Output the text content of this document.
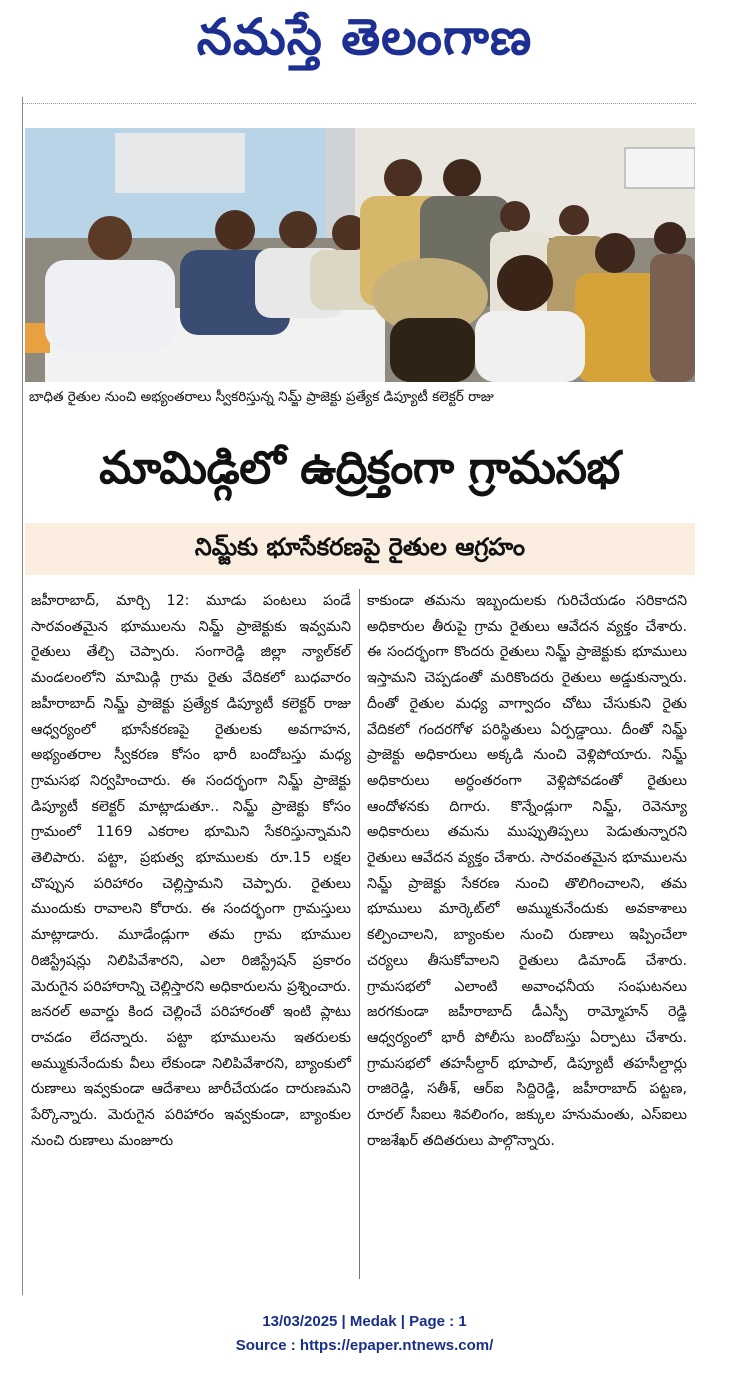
నమస్తే తెలంగాణ
బాధిత రైతుల నుంచి అభ్యంతరాలు స్వీకరిస్తున్న నిమ్జ్ ప్రాజెక్టు ప్రత్యేక డిప్యూటీ కలెక్టర్ రాజు
మామిడ్గిలో ఉద్రిక్తంగా గ్రామసభ
నిమ్జ్‌కు భూసేకరణపై రైతుల ఆగ్రహం

జహీరాబాద్, మార్చి 12: మూడు పంటలు పండే సారవంతమైన భూములను నిమ్జ్ ప్రాజెక్టుకు ఇవ్వమని రైతులు తేల్చి చెప్పారు. సంగారెడ్డి జిల్లా న్యాల్‌కల్ మండలంలోని మామిడ్గి గ్రామ రైతు వేదికలో బుధవారం జహీరాబాద్ నిమ్జ్ ప్రాజెక్టు ప్రత్యేక డిప్యూటీ కలెక్టర్ రాజు ఆధ్వర్యంలో భూసేకరణపై రైతులకు అవగాహన, అభ్యంతరాల స్వీకరణ కోసం భారీ బందోబస్తు మధ్య గ్రామసభ నిర్వహించారు. ఈ సందర్భంగా నిమ్జ్ ప్రాజెక్టు డిప్యూటీ కలెక్టర్ మాట్లాడుతూ.. నిమ్జ్ ప్రాజెక్టు కోసం గ్రామంలో 1169 ఎకరాల భూమిని సేకరిస్తున్నామని తెలిపారు. పట్టా, ప్రభుత్వ భూములకు రూ.15 లక్షల చొప్పున పరిహారం చెల్లిస్తామని చెప్పారు. రైతులు ముందుకు రావాలని కోరారు. ఈ సందర్భంగా గ్రామస్తులు మాట్లాడారు. మూడేండ్లుగా తమ గ్రామ భూముల రిజిస్ట్రేషన్లు నిలిపివేశారని, ఎలా రిజిస్ట్రేషన్ ప్రకారం మెరుగైన పరిహారాన్ని చెల్లిస్తారని అధికారులను ప్రశ్నించారు. జనరల్ అవార్డు కింద చెల్లించే పరిహారంతో ఇంటి ప్లాటు రావడం లేదన్నారు. పట్టా భూములను ఇతరులకు అమ్ముకునేందుకు వీలు లేకుండా నిలిపివేశారని, బ్యాంకులో రుణాలు ఇవ్వకుండా ఆదేశాలు జారీచేయడం దారుణమని పేర్కొన్నారు. మెరుగైన పరిహారం ఇవ్వకుండా, బ్యాంకుల నుంచి రుణాలు మంజూరు

కాకుండా తమను ఇబ్బందులకు గురిచేయడం సరికాదని అధికారుల తీరుపై గ్రామ రైతులు ఆవేదన వ్యక్తం చేశారు. ఈ సందర్భంగా కొందరు రైతులు నిమ్జ్ ప్రాజెక్టుకు భూములు ఇస్తామని చెప్పడంతో మరికొందరు రైతులు అడ్డుకున్నారు. దీంతో రైతుల మధ్య వాగ్వాదం చోటు చేసుకుని రైతు వేదికలో గందరగోళ పరిస్థితులు ఏర్పడ్డాయి. దీంతో నిమ్జ్ ప్రాజెక్టు అధికారులు అక్కడి నుంచి వెళ్లిపోయారు. నిమ్జ్ అధికారులు అర్ధంతరంగా వెళ్లిపోవడంతో రైతులు ఆందోళనకు దిగారు. కొన్నేండ్లుగా నిమ్జ్, రెవెన్యూ అధికారులు తమను ముప్పుతిప్పలు పెడుతున్నారని రైతులు ఆవేదన వ్యక్తం చేశారు. సారవంతమైన భూములను నిమ్జ్ ప్రాజెక్టు సేకరణ నుంచి తొలిగించాలని, తమ భూములు మార్కెట్‌లో అమ్ముకునేందుకు అవకాశాలు కల్పించాలని, బ్యాంకుల నుంచి రుణాలు ఇప్పించేలా చర్యలు తీసుకోవాలని రైతులు డిమాండ్ చేశారు. గ్రామసభలో ఎలాంటి అవాంఛనీయ సంఘటనలు జరగకుండా జహీరాబాద్ డీఎస్పీ రామ్మోహన్ రెడ్డి ఆధ్వర్యంలో భారీ పోలీసు బందోబస్తు ఏర్పాటు చేశారు. గ్రామసభలో తహసీల్దార్ భూపాల్, డిప్యూటీ తహసీల్దార్లు రాజిరెడ్డి, సతీశ్, ఆర్ఐ సిద్దిరెడ్డి, జహీరాబాద్ పట్టణ, రూరల్ సీఐలు శివలింగం, జక్కుల హనుమంతు, ఎస్ఐలు రాజశేఖర్ తదితరులు పాల్గొన్నారు.

13/03/2025 | Medak | Page : 1
Source : https://epaper.ntnews.com/
